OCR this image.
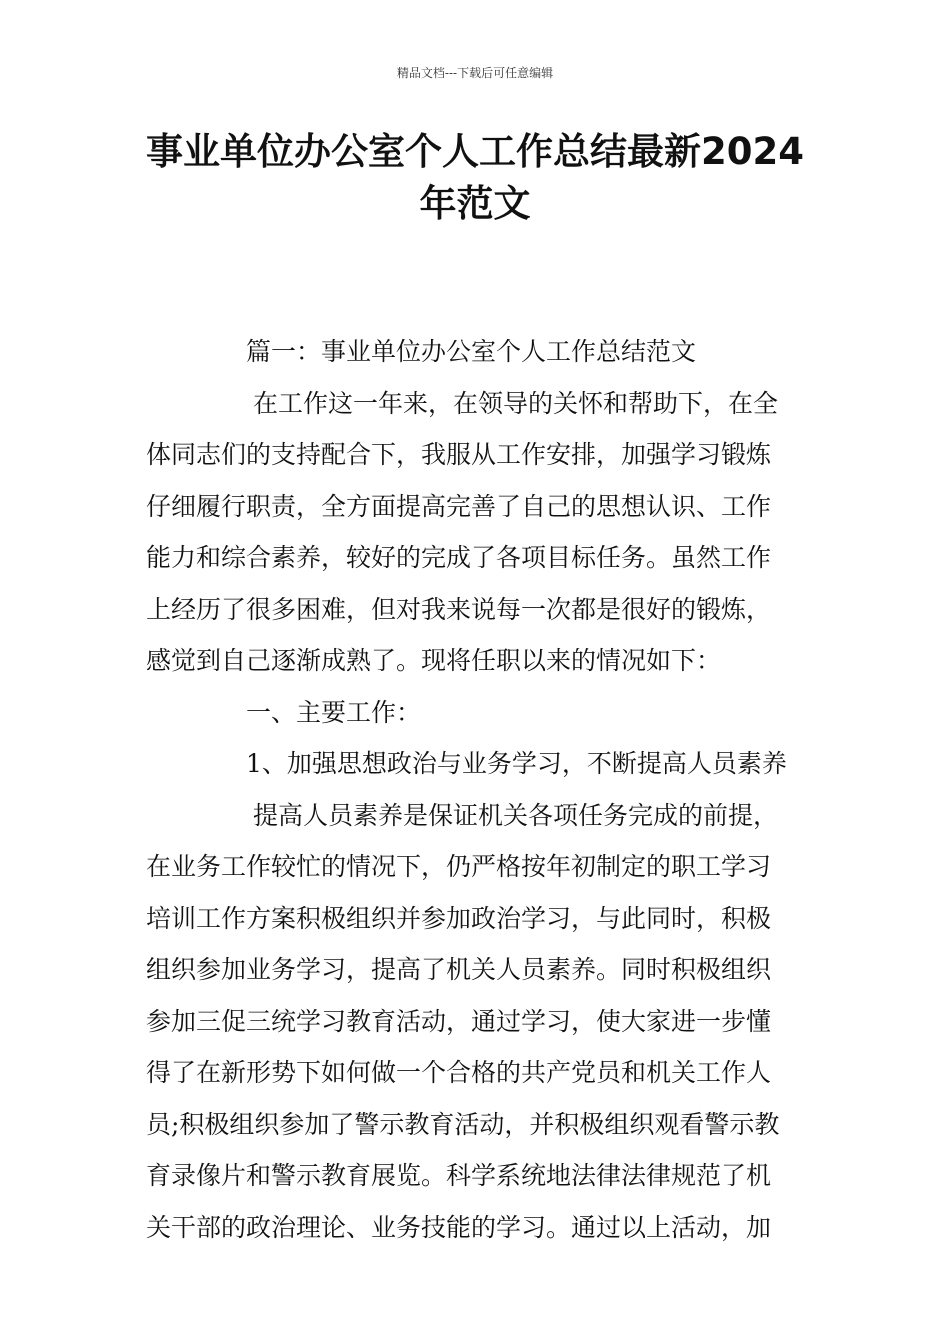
精品文档---下载后可任意编辑
事业单位办公室个人工作总结最新2024
年范文
篇一：事业单位办公室个人工作总结范文
在工作这一年来，在领导的关怀和帮助下，在全
体同志们的支持配合下，我服从工作安排，加强学习锻炼
仔细履行职责，全方面提高完善了自己的思想认识、工作
能力和综合素养，较好的完成了各项目标任务。虽然工作
上经历了很多困难，但对我来说每一次都是很好的锻炼，
感觉到自己逐渐成熟了。现将任职以来的情况如下：
一、主要工作：
1、加强思想政治与业务学习，不断提高人员素养
提高人员素养是保证机关各项任务完成的前提，
在业务工作较忙的情况下，仍严格按年初制定的职工学习
培训工作方案积极组织并参加政治学习，与此同时，积极
组织参加业务学习，提高了机关人员素养。同时积极组织
参加三促三统学习教育活动，通过学习，使大家进一步懂
得了在新形势下如何做一个合格的共产党员和机关工作人
员;积极组织参加了警示教育活动，并积极组织观看警示教
育录像片和警示教育展览。科学系统地法律法律规范了机
关干部的政治理论、业务技能的学习。通过以上活动，加
